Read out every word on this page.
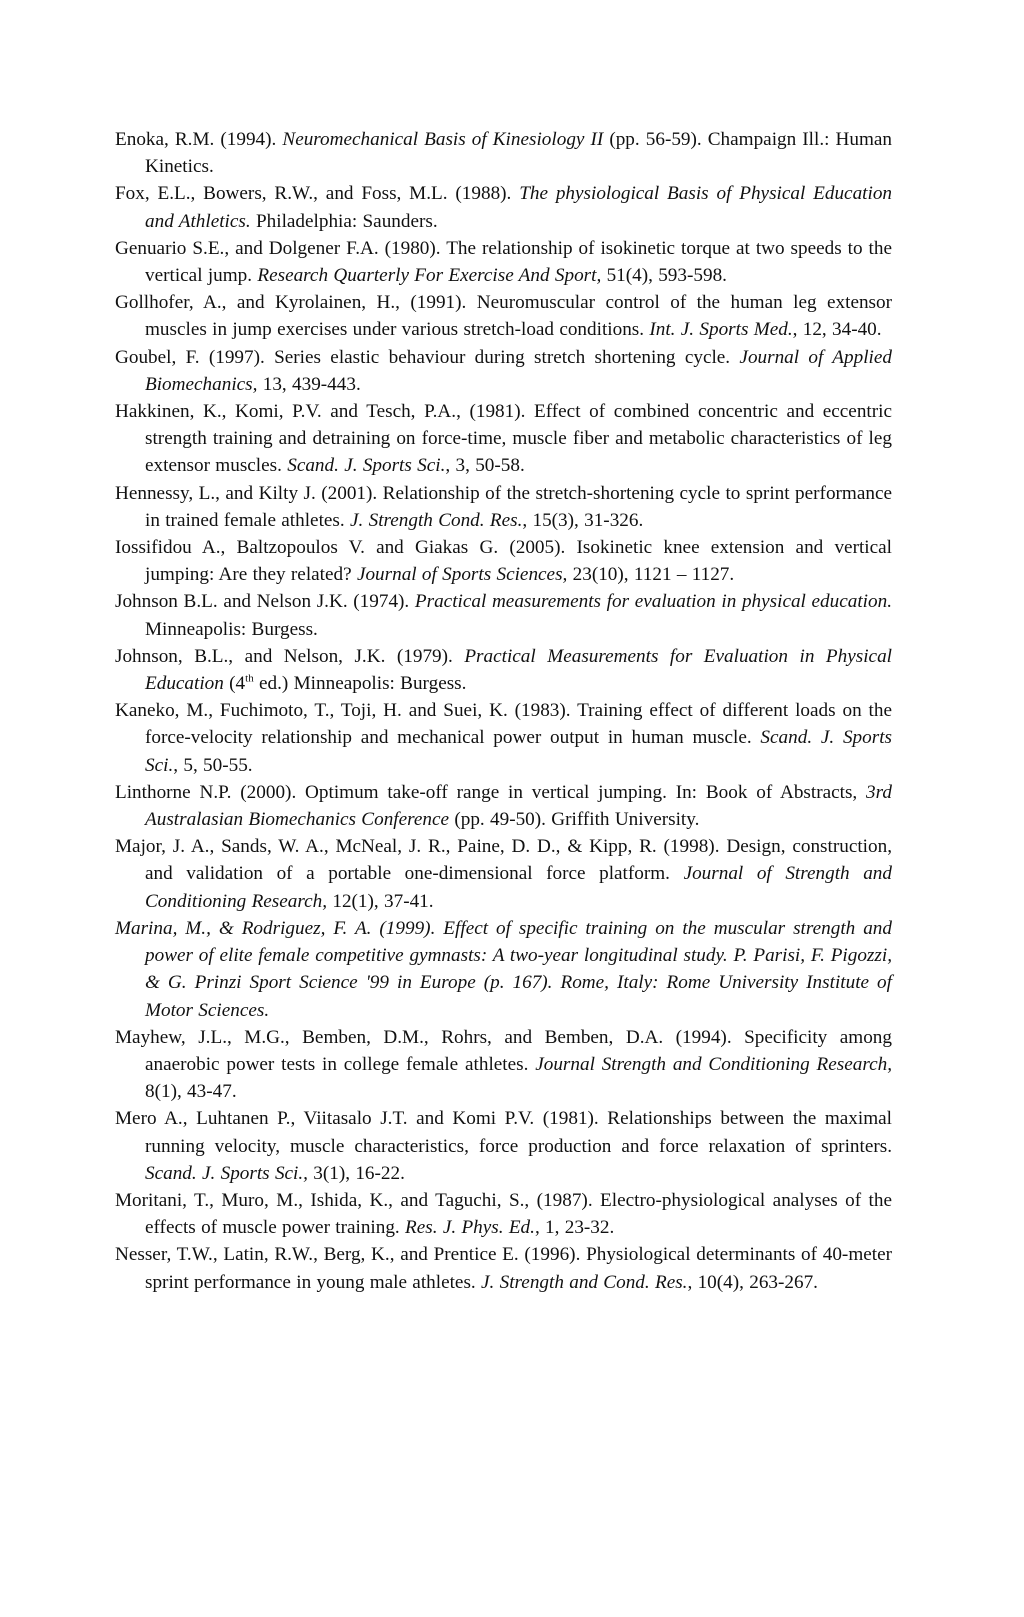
Enoka, R.M. (1994). Neuromechanical Basis of Kinesiology II (pp. 56-59). Champaign Ill.: Human Kinetics.

Fox, E.L., Bowers, R.W., and Foss, M.L. (1988). The physiological Basis of Physical Education and Athletics. Philadelphia: Saunders.

Genuario S.E., and Dolgener F.A. (1980). The relationship of isokinetic torque at two speeds to the vertical jump. Research Quarterly For Exercise And Sport, 51(4), 593-598.

Gollhofer, A., and Kyrolainen, H., (1991). Neuromuscular control of the human leg extensor muscles in jump exercises under various stretch-load conditions. Int. J. Sports Med., 12, 34-40.

Goubel, F. (1997). Series elastic behaviour during stretch shortening cycle. Journal of Applied Biomechanics, 13, 439-443.

Hakkinen, K., Komi, P.V. and Tesch, P.A., (1981). Effect of combined concentric and eccentric strength training and detraining on force-time, muscle fiber and metabolic characteristics of leg extensor muscles. Scand. J. Sports Sci., 3, 50-58.

Hennessy, L., and Kilty J. (2001). Relationship of the stretch-shortening cycle to sprint performance in trained female athletes. J. Strength Cond. Res., 15(3), 31-326.

Iossifidou A., Baltzopoulos V. and Giakas G. (2005). Isokinetic knee extension and vertical jumping: Are they related? Journal of Sports Sciences, 23(10), 1121 – 1127.

Johnson B.L. and Nelson J.K. (1974). Practical measurements for evaluation in physical education. Minneapolis: Burgess.

Johnson, B.L., and Nelson, J.K. (1979). Practical Measurements for Evaluation in Physical Education (4th ed.) Minneapolis: Burgess.

Kaneko, M., Fuchimoto, T., Toji, H. and Suei, K. (1983). Training effect of different loads on the force-velocity relationship and mechanical power output in human muscle. Scand. J. Sports Sci., 5, 50-55.

Linthorne N.P. (2000). Optimum take-off range in vertical jumping. In: Book of Abstracts, 3rd Australasian Biomechanics Conference (pp. 49-50). Griffith University.

Major, J. A., Sands, W. A., McNeal, J. R., Paine, D. D., & Kipp, R. (1998). Design, construction, and validation of a portable one-dimensional force platform. Journal of Strength and Conditioning Research, 12(1), 37-41.

Marina, M., & Rodriguez, F. A. (1999). Effect of specific training on the muscular strength and power of elite female competitive gymnasts: A two-year longitudinal study. P. Parisi, F. Pigozzi, & G. Prinzi Sport Science '99 in Europe (p. 167). Rome, Italy: Rome University Institute of Motor Sciences.

Mayhew, J.L., M.G., Bemben, D.M., Rohrs, and Bemben, D.A. (1994). Specificity among anaerobic power tests in college female athletes. Journal Strength and Conditioning Research, 8(1), 43-47.

Mero A., Luhtanen P., Viitasalo J.T. and Komi P.V. (1981). Relationships between the maximal running velocity, muscle characteristics, force production and force relaxation of sprinters. Scand. J. Sports Sci., 3(1), 16-22.

Moritani, T., Muro, M., Ishida, K., and Taguchi, S., (1987). Electro-physiological analyses of the effects of muscle power training. Res. J. Phys. Ed., 1, 23-32.

Nesser, T.W., Latin, R.W., Berg, K., and Prentice E. (1996). Physiological determinants of 40-meter sprint performance in young male athletes. J. Strength and Cond. Res., 10(4), 263-267.
